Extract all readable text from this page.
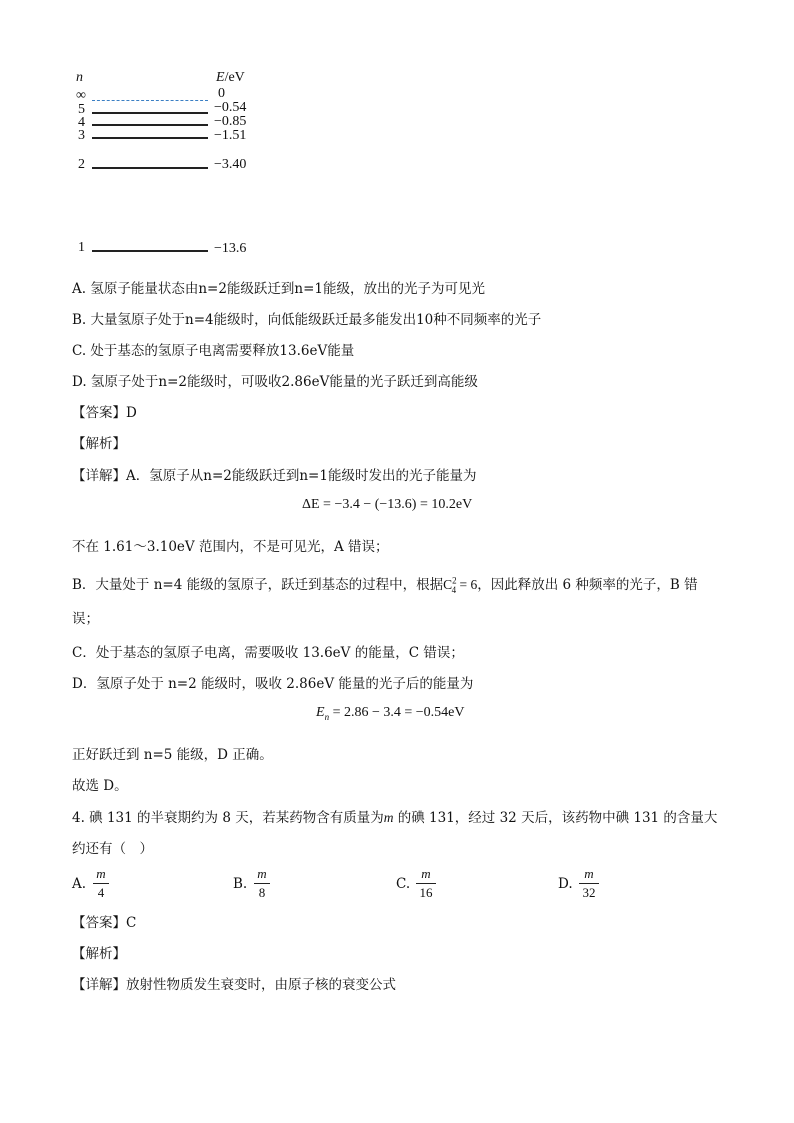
n	E/eV
∞	0
5	−0.54
4	−0.85
3	−1.51
2	−3.40
1	−13.6
A. 氢原子能量状态由n=2能级跃迁到n=1能级，放出的光子为可见光
B. 大量氢原子处于n=4能级时，向低能级跃迁最多能发出10种不同频率的光子
C. 处于基态的氢原子电离需要释放13.6eV能量
D. 氢原子处于n=2能级时，可吸收2.86eV能量的光子跃迁到高能级
【答案】D
【解析】
【详解】A．氢原子从n=2能级跃迁到n=1能级时发出的光子能量为
ΔE = −3.4 − (−13.6) = 10.2eV
不在 1.61～3.10eV 范围内，不是可见光，A 错误；
B．大量处于 n=4 能级的氢原子，跃迁到基态的过程中，根据$C^2_4 = 6$，因此释放出 6 种频率的光子，B 错
误；
C．处于基态的氢原子电离，需要吸收 13.6eV 的能量，C 错误；
D．氢原子处于 n=2 能级时，吸收 2.86eV 能量的光子后的能量为
$E_n = 2.86 - 3.4 = -0.54eV$
正好跃迁到 n=5 能级，D 正确。
故选 D。
4. 碘 131 的半衰期约为 8 天，若某药物含有质量为m 的碘 131，经过 32 天后，该药物中碘 131 的含量大
约还有（　）
A.
m
4
B.
m
8
C.
m
16
D.
m
32
【答案】C
【解析】
【详解】放射性物质发生衰变时，由原子核的衰变公式
